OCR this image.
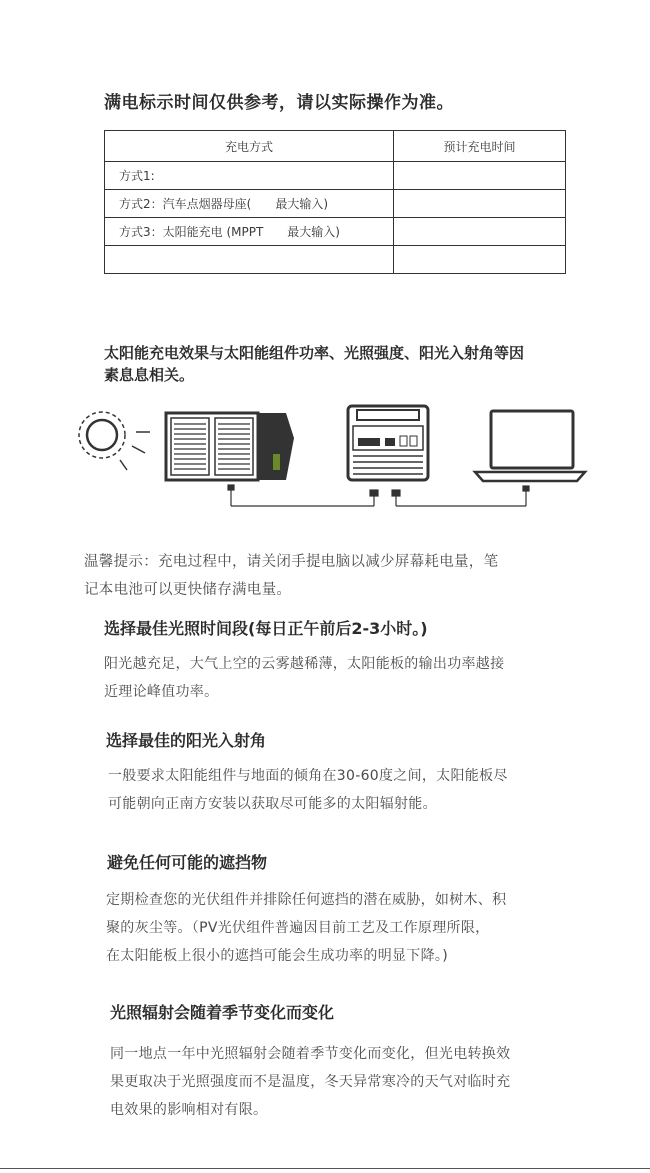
满电标示时间仅供参考，请以实际操作为准。
充电方式	预计充电时间
方式1:	
方式2：汽车点烟器母座(　　最大输入)	
方式3：太阳能充电 (MPPT　　最大输入)	

太阳能充电效果与太阳能组件功率、光照强度、阳光入射角等因
素息息相关。
温馨提示：充电过程中，请关闭手提电脑以减少屏幕耗电量，笔
记本电池可以更快储存满电量。
选择最佳光照时间段(每日正午前后2-3小时。)
阳光越充足，大气上空的云雾越稀薄，太阳能板的输出功率越接
近理论峰值功率。
选择最佳的阳光入射角
一般要求太阳能组件与地面的倾角在30-60度之间，太阳能板尽
可能朝向正南方安装以获取尽可能多的太阳辐射能。
避免任何可能的遮挡物
定期检查您的光伏组件并排除任何遮挡的潜在威胁，如树木、积
聚的灰尘等。（PV光伏组件普遍因目前工艺及工作原理所限，
在太阳能板上很小的遮挡可能会生成功率的明显下降。)
光照辐射会随着季节变化而变化
同一地点一年中光照辐射会随着季节变化而变化，但光电转换效
果更取决于光照强度而不是温度，冬天异常寒冷的天气对临时充
电效果的影响相对有限。
